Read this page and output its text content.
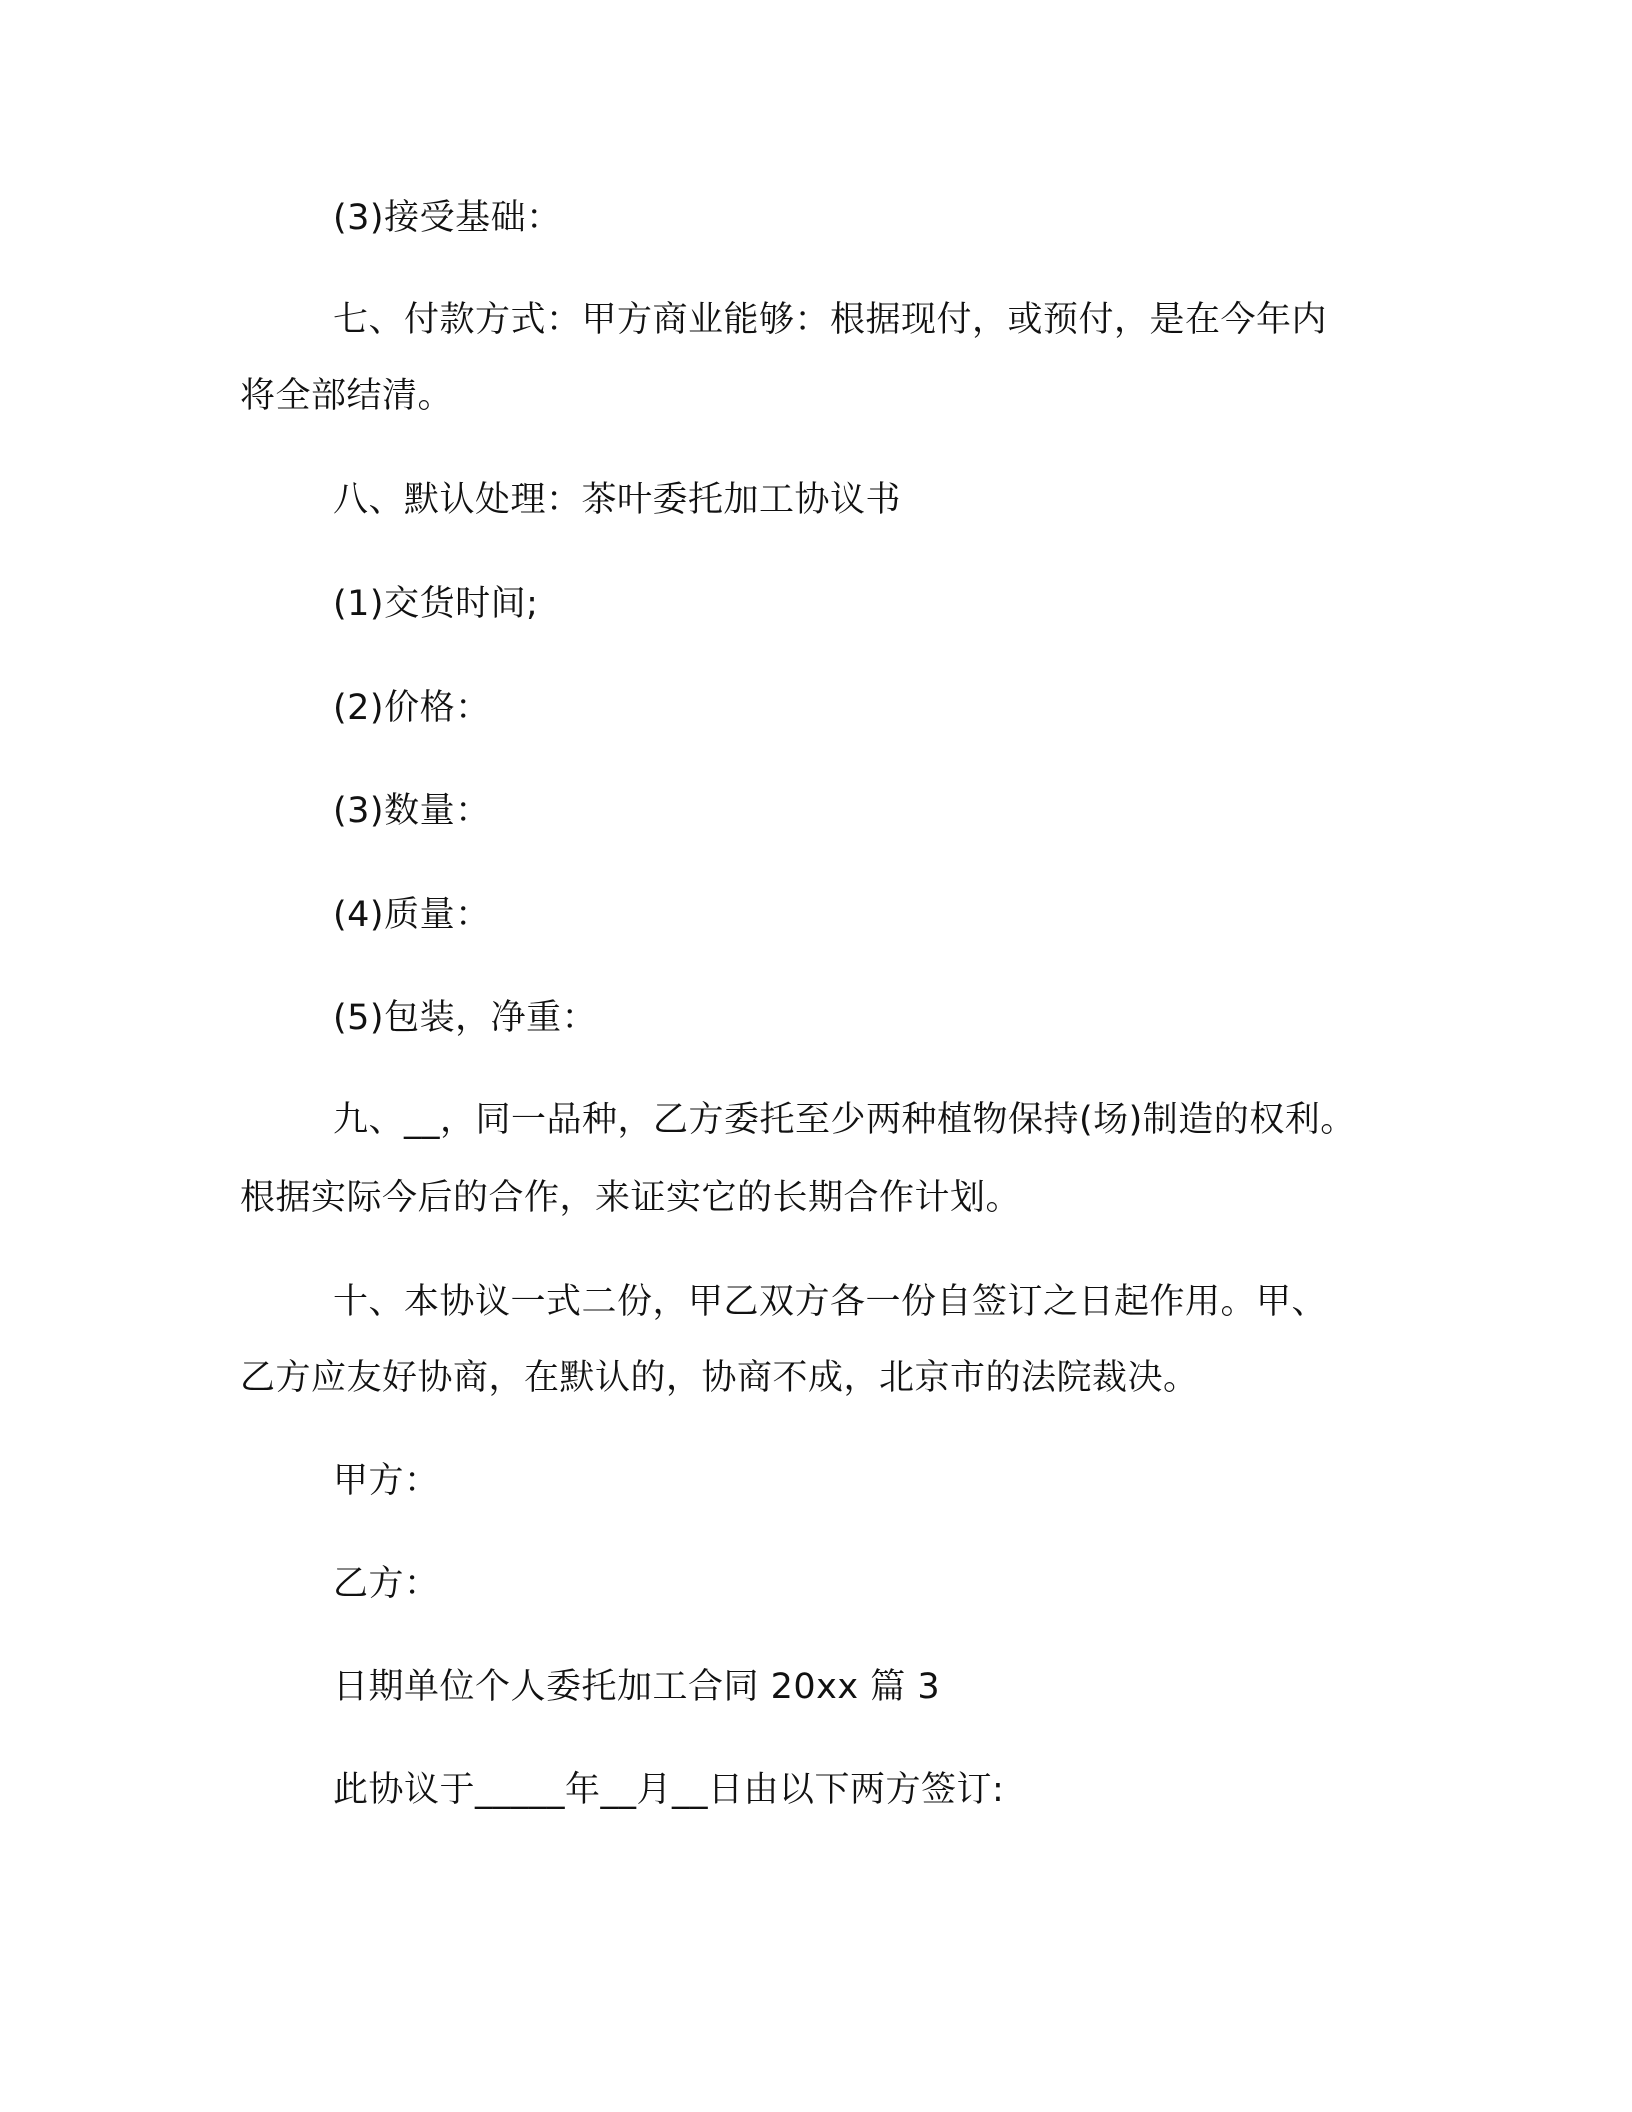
(3)接受基础：
七、付款方式：甲方商业能够：根据现付，或预付，是在今年内
将全部结清。
八、默认处理：茶叶委托加工协议书
(1)交货时间;
(2)价格：
(3)数量：
(4)质量：
(5)包装，净重：
九、__，同一品种，乙方委托至少两种植物保持(场)制造的权利。
根据实际今后的合作，来证实它的长期合作计划。
十、本协议一式二份，甲乙双方各一份自签订之日起作用。甲、
乙方应友好协商，在默认的，协商不成，北京市的法院裁决。
甲方：
乙方：
日期单位个人委托加工合同 20xx 篇 3
此协议于_____年__月__日由以下两方签订:
